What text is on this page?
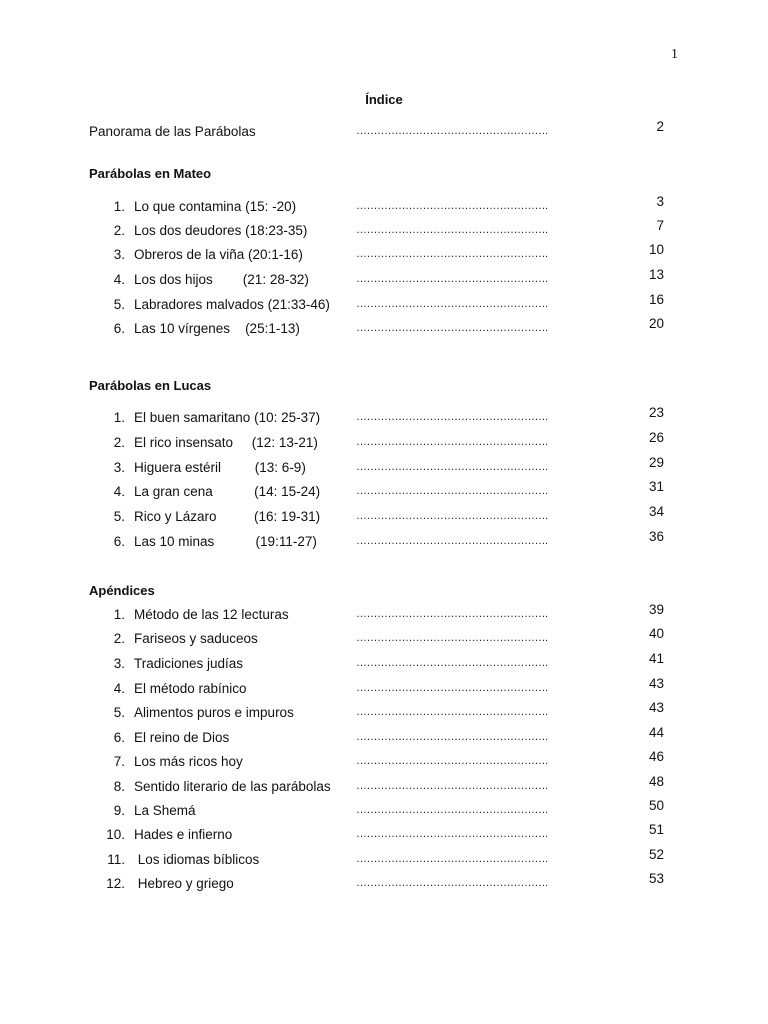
1
Índice
Panorama de las Parábolas	……………………………………………….	2
Parábolas en Mateo
1. Lo que contamina (15: -20)	……………………………………………….	3
2. Los dos deudores (18:23-35)	……………………………………………….	7
3. Obreros de la viña (20:1-16)	……………………………………………….	10
4. Los dos hijos        (21: 28-32)	……………………………………………….	13
5. Labradores malvados (21:33-46) ……………………………………………….	16
6. Las 10 vírgenes    (25:1-13)	……………………………………………….	20
Parábolas en Lucas
1. El buen samaritano (10: 25-37)	……………………………………………….	23
2. El rico insensato     (12: 13-21)	……………………………………………….	26
3. Higuera estéril         (13: 6-9)	……………………………………………….	29
4. La gran cena           (14: 15-24)	……………………………………………….	31
5. Rico y Lázaro          (16: 19-31)	……………………………………………….	34
6. Las 10 minas           (19:11-27)	……………………………………………….	36
Apéndices
1. Método de las 12 lecturas	……………………………………………….	39
2. Fariseos y saduceos	……………………………………………….	40
3. Tradiciones judías	……………………………………………….	41
4. El método rabínico	……………………………………………….	43
5. Alimentos puros e impuros	……………………………………………….	43
6. El reino de Dios	……………………………………………….	44
7. Los más ricos hoy	……………………………………………….	46
8. Sentido literario de las parábolas ……………………………………………….	48
9. La Shemá	……………………………………………….	50
10. Hades e infierno	……………………………………………….	51
11. Los idiomas bíblicos	……………………………………………….	52
12. Hebreo y griego	……………………………………………….	53
